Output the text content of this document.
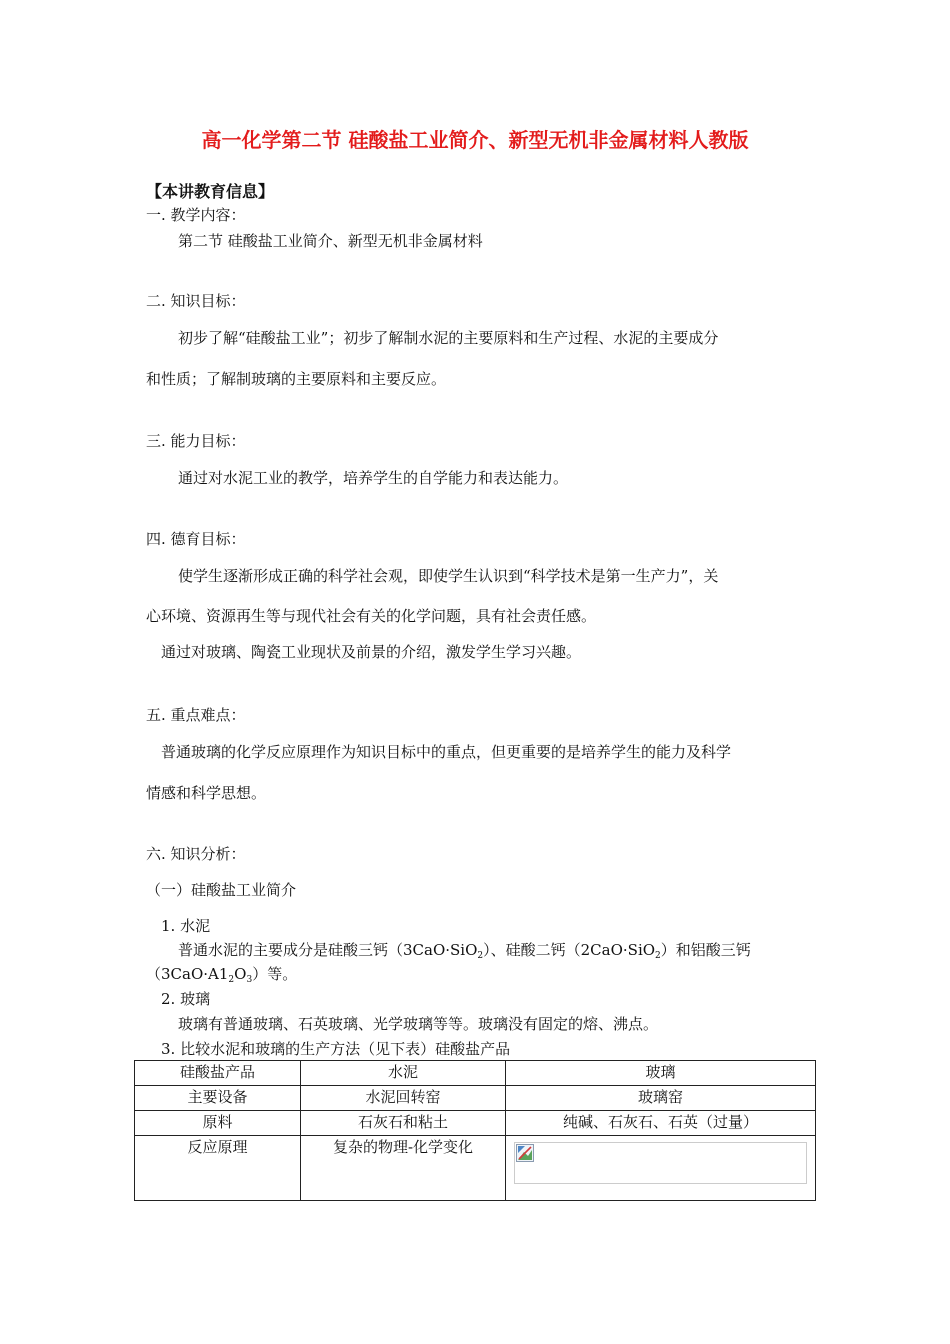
高一化学第二节 硅酸盐工业简介、新型无机非金属材料人教版
【本讲教育信息】
一. 教学内容：
第二节 硅酸盐工业简介、新型无机非金属材料
二. 知识目标：
初步了解“硅酸盐工业”；初步了解制水泥的主要原料和生产过程、水泥的主要成分
和性质；了解制玻璃的主要原料和主要反应。
三. 能力目标：
通过对水泥工业的教学，培养学生的自学能力和表达能力。
四. 德育目标：
使学生逐渐形成正确的科学社会观，即使学生认识到“科学技术是第一生产力”，关
心环境、资源再生等与现代社会有关的化学问题，具有社会责任感。
通过对玻璃、陶瓷工业现状及前景的介绍，激发学生学习兴趣。
五. 重点难点：
普通玻璃的化学反应原理作为知识目标中的重点，但更重要的是培养学生的能力及科学
情感和科学思想。
六. 知识分析：
（一）硅酸盐工业简介
1. 水泥
普通水泥的主要成分是硅酸三钙（3CaO·SiO$_2$）、硅酸二钙（2CaO·SiO$_2$）和铝酸三钙
$(3CaO\cdot A1_2O_3)$等。
2. 玻璃
玻璃有普通玻璃、石英玻璃、光学玻璃等等。玻璃没有固定的熔、沸点。
3. 比较水泥和玻璃的生产方法（见下表）硅酸盐产品
硅酸盐产品	水泥	玻璃
主要设备	水泥回转窑	玻璃窑
原料	石灰石和粘土	纯碱、石灰石、石英（过量）
反应原理	复杂的物理-化学变化	
